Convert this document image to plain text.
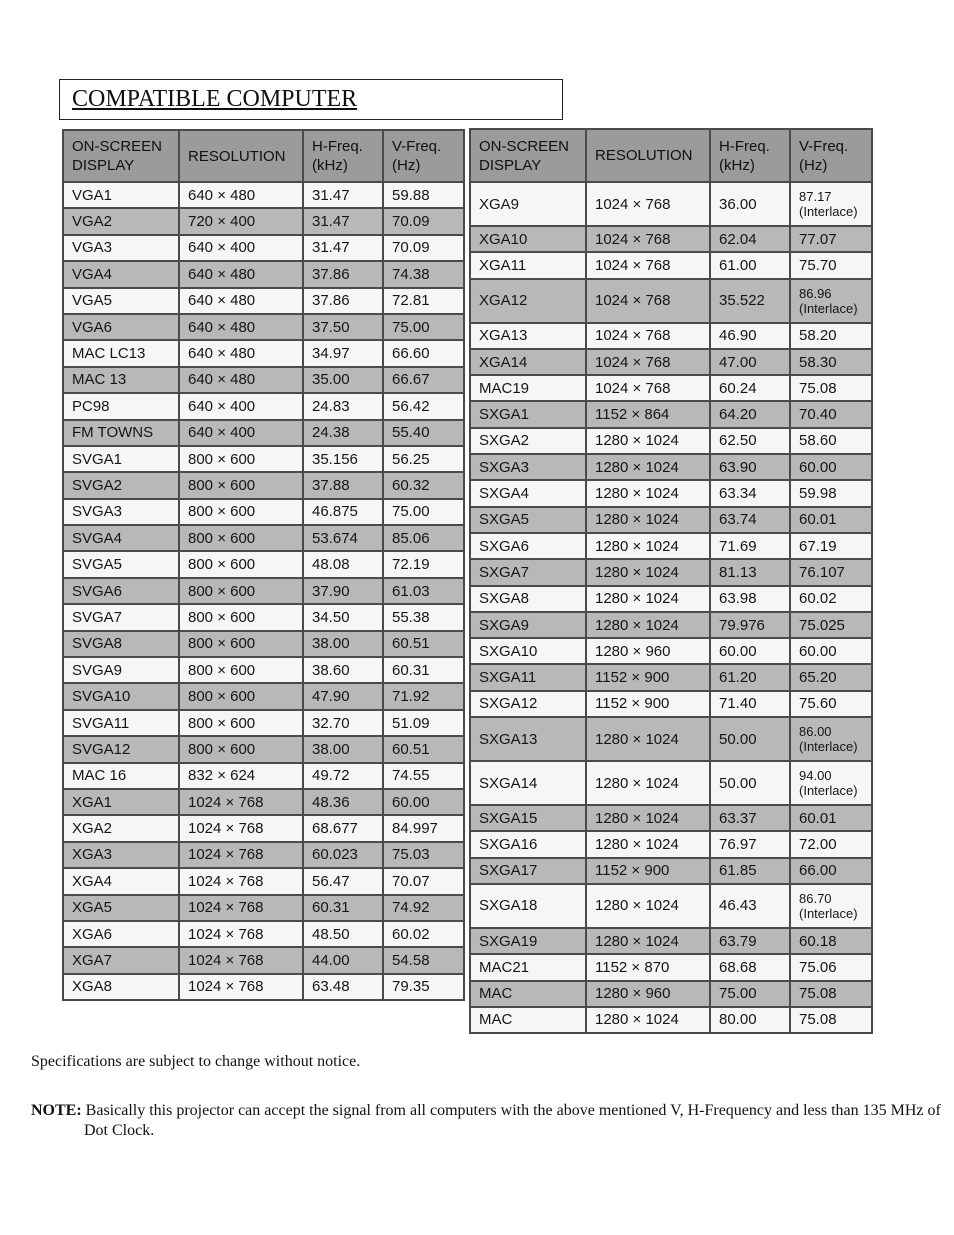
COMPATIBLE COMPUTER
ON-SCREEN DISPLAY	RESOLUTION	H-Freq. (kHz)	V-Freq. (Hz)
VGA1	640 × 480	31.47	59.88
VGA2	720 × 400	31.47	70.09
VGA3	640 × 400	31.47	70.09
VGA4	640 × 480	37.86	74.38
VGA5	640 × 480	37.86	72.81
VGA6	640 × 480	37.50	75.00
MAC LC13	640 × 480	34.97	66.60
MAC 13	640 × 480	35.00	66.67
PC98	640 × 400	24.83	56.42
FM TOWNS	640 × 400	24.38	55.40
SVGA1	800 × 600	35.156	56.25
SVGA2	800 × 600	37.88	60.32
SVGA3	800 × 600	46.875	75.00
SVGA4	800 × 600	53.674	85.06
SVGA5	800 × 600	48.08	72.19
SVGA6	800 × 600	37.90	61.03
SVGA7	800 × 600	34.50	55.38
SVGA8	800 × 600	38.00	60.51
SVGA9	800 × 600	38.60	60.31
SVGA10	800 × 600	47.90	71.92
SVGA11	800 × 600	32.70	51.09
SVGA12	800 × 600	38.00	60.51
MAC 16	832 × 624	49.72	74.55
XGA1	1024 × 768	48.36	60.00
XGA2	1024 × 768	68.677	84.997
XGA3	1024 × 768	60.023	75.03
XGA4	1024 × 768	56.47	70.07
XGA5	1024 × 768	60.31	74.92
XGA6	1024 × 768	48.50	60.02
XGA7	1024 × 768	44.00	54.58
XGA8	1024 × 768	63.48	79.35
ON-SCREEN DISPLAY	RESOLUTION	H-Freq. (kHz)	V-Freq. (Hz)
XGA9	1024 × 768	36.00	87.17
(Interlace)
XGA10	1024 × 768	62.04	77.07
XGA11	1024 × 768	61.00	75.70
XGA12	1024 × 768	35.522	86.96
(Interlace)
XGA13	1024 × 768	46.90	58.20
XGA14	1024 × 768	47.00	58.30
MAC19	1024 × 768	60.24	75.08
SXGA1	1152 × 864	64.20	70.40
SXGA2	1280 × 1024	62.50	58.60
SXGA3	1280 × 1024	63.90	60.00
SXGA4	1280 × 1024	63.34	59.98
SXGA5	1280 × 1024	63.74	60.01
SXGA6	1280 × 1024	71.69	67.19
SXGA7	1280 × 1024	81.13	76.107
SXGA8	1280 × 1024	63.98	60.02
SXGA9	1280 × 1024	79.976	75.025
SXGA10	1280 × 960	60.00	60.00
SXGA11	1152 × 900	61.20	65.20
SXGA12	1152 × 900	71.40	75.60
SXGA13	1280 × 1024	50.00	86.00
(Interlace)
SXGA14	1280 × 1024	50.00	94.00
(Interlace)
SXGA15	1280 × 1024	63.37	60.01
SXGA16	1280 × 1024	76.97	72.00
SXGA17	1152 × 900	61.85	66.00
SXGA18	1280 × 1024	46.43	86.70
(Interlace)
SXGA19	1280 × 1024	63.79	60.18
MAC21	1152 × 870	68.68	75.06
MAC	1280 × 960	75.00	75.08
MAC	1280 × 1024	80.00	75.08
Specifications are subject to change without notice.
NOTE: Basically this projector can accept the signal from all computers with the above mentioned V, H-Frequency and less than 135 MHz of Dot Clock.
